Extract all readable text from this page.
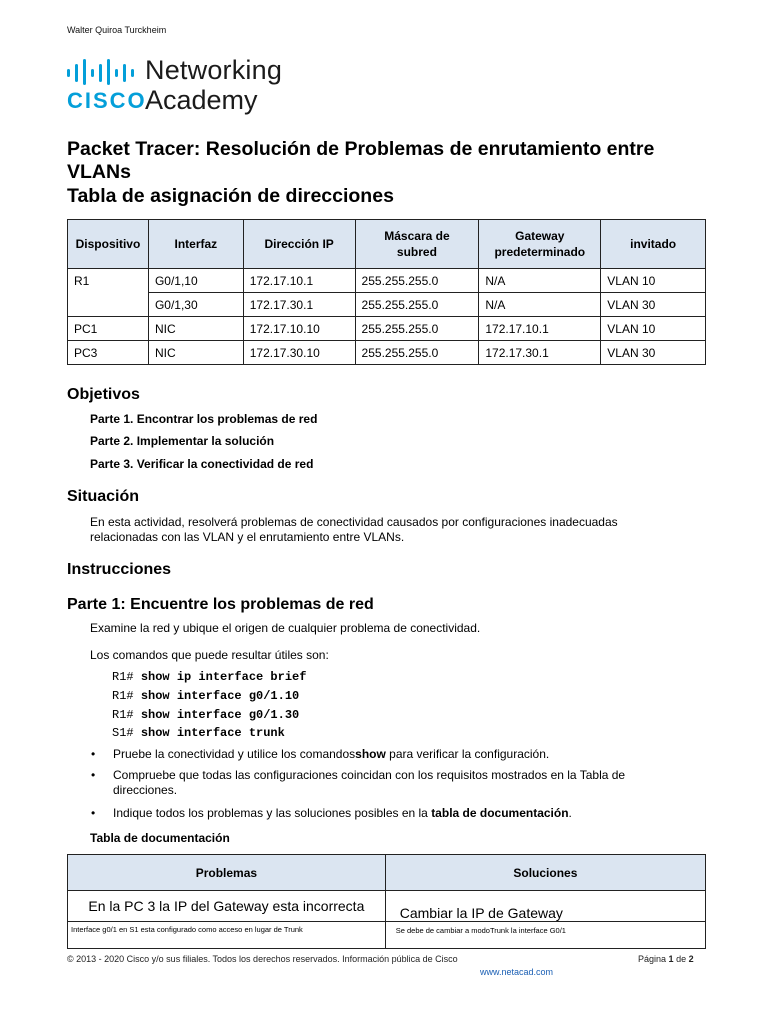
Walter Quiroa Turckheim
CISCO
Networking
Academy
Packet Tracer: Resolución de Problemas de enrutamiento entre VLANs
Tabla de asignación de direcciones
Dispositivo	Interfaz	Dirección IP	Máscara de subred	Gateway predeterminado	invitado
R1	G0/1,10	172.17.10.1	255.255.255.0	N/A	VLAN 10
	G0/1,30	172.17.30.1	255.255.255.0	N/A	VLAN 30
PC1	NIC	172.17.10.10	255.255.255.0	172.17.10.1	VLAN 10
PC3	NIC	172.17.30.10	255.255.255.0	172.17.30.1	VLAN 30
Objetivos
Parte 1. Encontrar los problemas de red
Parte 2. Implementar la solución
Parte 3. Verificar la conectividad de red
Situación
En esta actividad, resolverá problemas de conectividad causados por configuraciones inadecuadas relacionadas con las VLAN y el enrutamiento entre VLANs.
Instrucciones
Parte 1: Encuentre los problemas de red
Examine la red y ubique el origen de cualquier problema de conectividad.
Los comandos que puede resultar útiles son:
R1# show ip interface brief
R1# show interface g0/1.10
R1# show interface g0/1.30
S1# show interface trunk
• Pruebe la conectividad y utilice los comandosshow para verificar la configuración.
• Compruebe que todas las configuraciones coincidan con los requisitos mostrados en la Tabla de direcciones.
• Indique todos los problemas y las soluciones posibles en la tabla de documentación.
Tabla de documentación
Problemas	Soluciones
En la PC 3 la IP del Gateway esta incorrecta	Cambiar la IP de Gateway
Interface g0/1 en S1 esta configurado como acceso en lugar de Trunk	Se debe de cambiar a modoTrunk la interface G0/1
© 2013 - 2020 Cisco y/o sus filiales. Todos los derechos reservados. Información pública de Cisco
www.netacad.com
Página 1 de 2
